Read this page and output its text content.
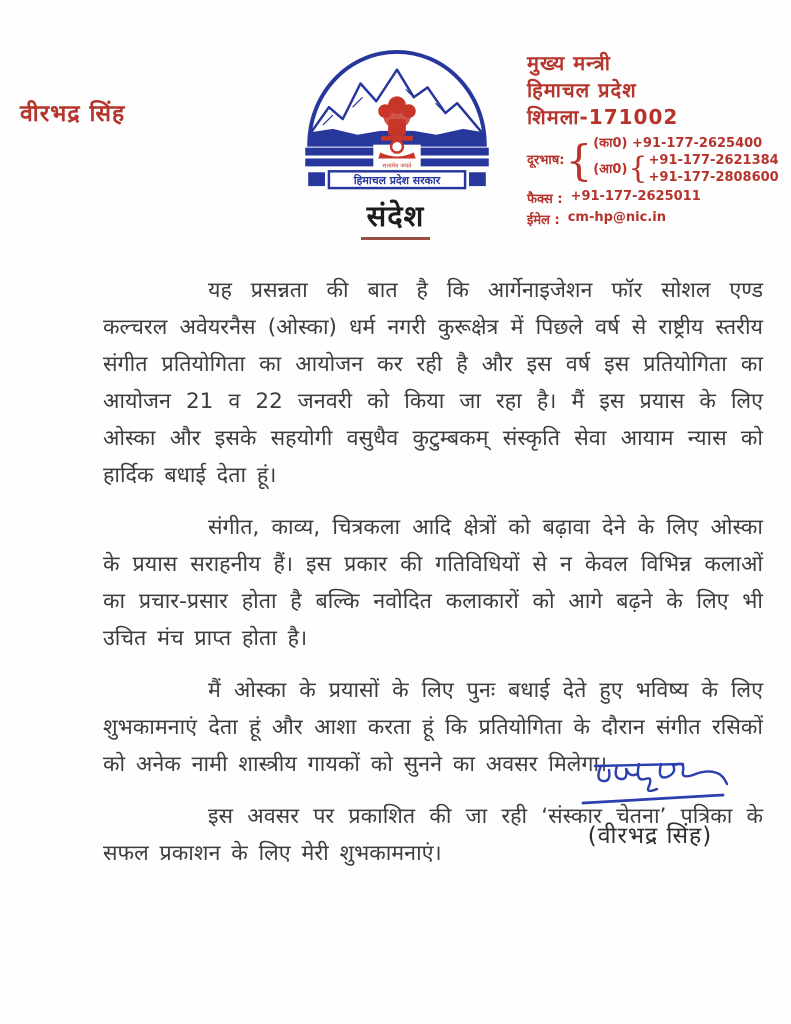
वीरभद्र सिंह
सत्यमेव जयते
हिमाचल प्रदेश सरकार
मुख्य मन्त्री
हिमाचल प्रदेश
शिमला-171002
दूरभाष: { (का0)
+91-177-2625400
(आ0) { +91-177-2621384
+91-177-2808600
फैक्स : +91-177-2625011
ईमेल : cm-hp@nic.in
संदेश

यह प्रसन्नता की बात है कि आर्गेनाइजेशन फॉर सोशल एण्ड कल्चरल अवेयरनैस (ओस्का) धर्म नगरी कुरूक्षेत्र में पिछले वर्ष से राष्ट्रीय स्तरीय संगीत प्रतियोगिता का आयोजन कर रही है और इस वर्ष इस प्रतियोगिता का आयोजन 21 व 22 जनवरी को किया जा रहा है। मैं इस प्रयास के लिए ओस्का और इसके सहयोगी वसुधैव कुटुम्बकम् संस्कृति सेवा आयाम न्यास को हार्दिक बधाई देता हूं।

संगीत, काव्य, चित्रकला आदि क्षेत्रों को बढ़ावा देने के लिए ओस्का के प्रयास सराहनीय हैं। इस प्रकार की गतिविधियों से न केवल विभिन्न कलाओं का प्रचार-प्रसार होता है बल्कि नवोदित कलाकारों को आगे बढ़ने के लिए भी उचित मंच प्राप्त होता है।

मैं ओस्का के प्रयासों के लिए पुनः बधाई देते हुए भविष्य के लिए शुभकामनाएं देता हूं और आशा करता हूं कि प्रतियोगिता के दौरान संगीत रसिकों को अनेक नामी शास्त्रीय गायकों को सुनने का अवसर मिलेगा।

इस अवसर पर प्रकाशित की जा रही ‘संस्कार चेतना’ पत्रिका के सफल प्रकाशन के लिए मेरी शुभकामनाएं।

(वीरभद्र सिंह)
